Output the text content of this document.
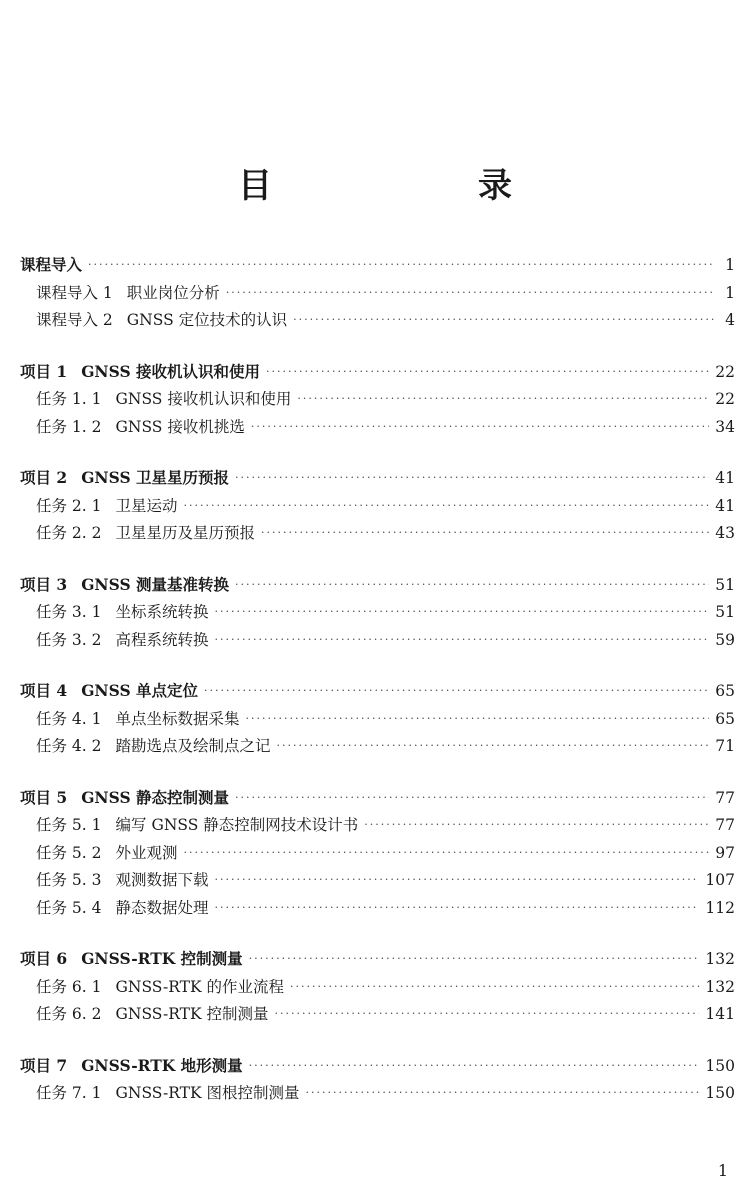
目　录
课程导入 ·····	1
课程导入 1 职业岗位分析 ·····	1
课程导入 2 GNSS 定位技术的认识 ·····	4
项目 1 GNSS 接收机认识和使用 ·····	22
任务 1. 1 GNSS 接收机认识和使用 ·····	22
任务 1. 2 GNSS 接收机挑选 ·····	34
项目 2 GNSS 卫星星历预报 ·····	41
任务 2. 1 卫星运动 ·····	41
任务 2. 2 卫星星历及星历预报 ·····	43
项目 3 GNSS 测量基准转换 ·····	51
任务 3. 1 坐标系统转换 ·····	51
任务 3. 2 高程系统转换 ·····	59
项目 4 GNSS 单点定位 ·····	65
任务 4. 1 单点坐标数据采集 ·····	65
任务 4. 2 踏勘选点及绘制点之记 ·····	71
项目 5 GNSS 静态控制测量 ·····	77
任务 5. 1 编写 GNSS 静态控制网技术设计书 ·····	77
任务 5. 2 外业观测 ·····	97
任务 5. 3 观测数据下载 ·····	107
任务 5. 4 静态数据处理 ·····	112
项目 6 GNSS-RTK 控制测量 ·····	132
任务 6. 1 GNSS-RTK 的作业流程 ·····	132
任务 6. 2 GNSS-RTK 控制测量 ·····	141
项目 7 GNSS-RTK 地形测量 ·····	150
任务 7. 1 GNSS-RTK 图根控制测量 ·····	150
1
